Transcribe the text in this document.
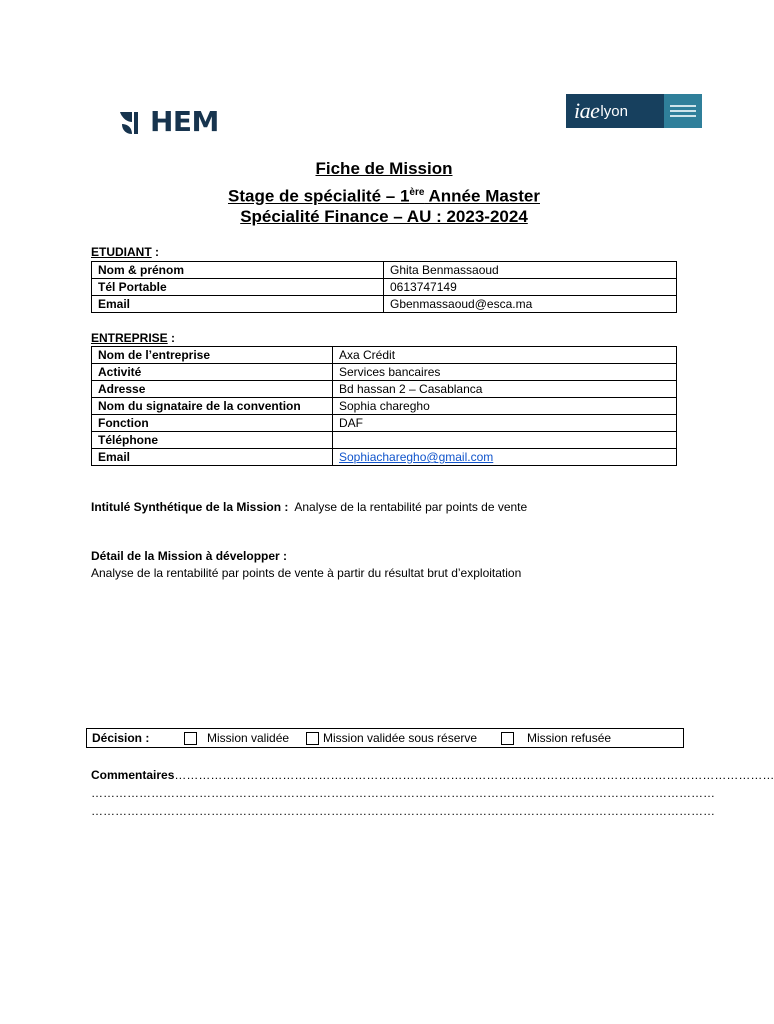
HEM	iae lyon
Fiche de Mission
Stage de spécialité – 1ère Année Master
Spécialité Finance – AU : 2023-2024
ETUDIANT :
Nom & prénom	Ghita Benmassaoud
Tél Portable	0613747149
Email	Gbenmassaoud@esca.ma
ENTREPRISE :
Nom de l’entreprise	Axa Crédit
Activité	Services bancaires
Adresse	Bd hassan 2 – Casablanca
Nom du signataire de la convention	Sophia charegho
Fonction	DAF
Téléphone	
Email	Sophiacharegho@gmail.com
Intitulé Synthétique de la Mission : Analyse de la rentabilité par points de vente
Détail de la Mission à développer :
Analyse de la rentabilité par points de vente à partir du résultat brut d’exploitation
Décision :	Mission validée	Mission validée sous réserve	Mission refusée
Commentaires……………………………………………………………………………………………………………………………………
…………………………………………………………………………………………………………………………………………
…………………………………………………………………………………………………………………………………………
